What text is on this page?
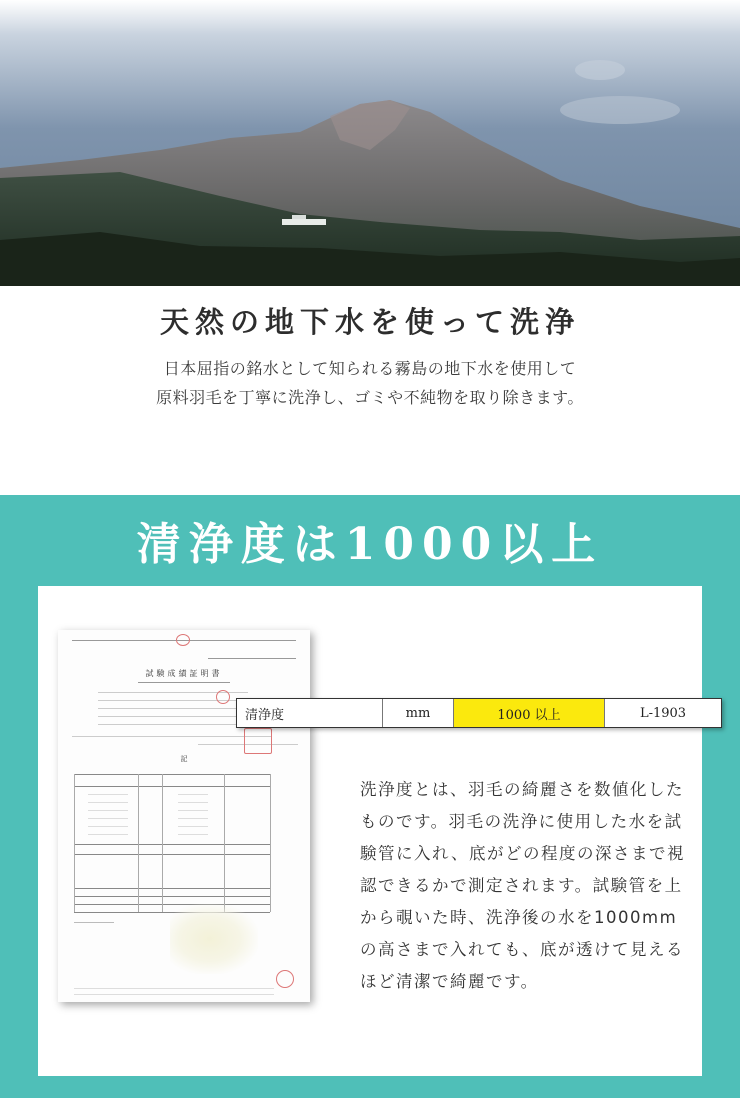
天然の地下水を使って洗浄
日本屈指の銘水として知られる霧島の地下水を使用して
原料羽毛を丁寧に洗浄し、ゴミや不純物を取り除きます。
清浄度は1000以上
試験成績証明書
記
清浄度	mm	1000 以上	L-1903
洗浄度とは、羽毛の綺麗さを数値化したものです。羽毛の洗浄に使用した水を試験管に入れ、底がどの程度の深さまで視認できるかで測定されます。試験管を上から覗いた時、洗浄後の水を1000mmの高さまで入れても、底が透けて見えるほど清潔で綺麗です。
